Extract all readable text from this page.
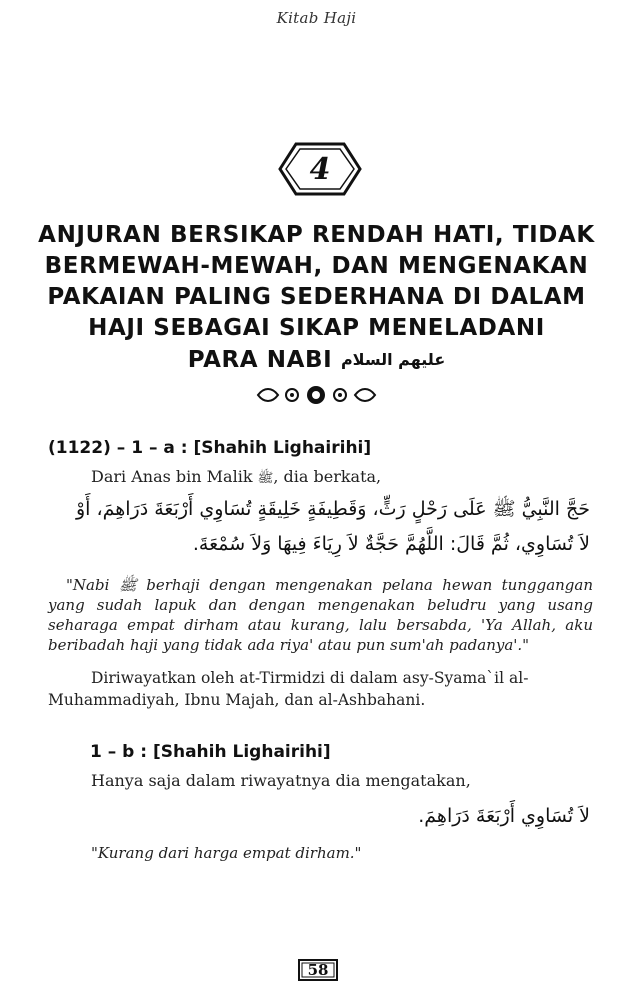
Kitab Haji
4
ANJURAN BERSIKAP RENDAH HATI, TIDAK
BERMEWAH-MEWAH, DAN MENGENAKAN
PAKAIAN PALING SEDERHANA DI DALAM
HAJI SEBAGAI SIKAP MENELADANI
PARA NABI عليهم السلام
(1122) – 1 – a : [Shahih Lighairihi]
Dari Anas bin Malik ﷺ, dia berkata,
حَجَّ النَّبِيُّ ﷺ عَلَى رَحْلٍ رَثٍّ، وَقَطِيفَةٍ خَلِيقَةٍ تُسَاوِي أَرْبَعَةَ دَرَاهِمَ، أَوْ
لاَ تُسَاوِي، ثُمَّ قَالَ: اللَّهُمَّ حَجَّةٌ لاَ رِيَاءَ فِيهَا وَلاَ سُمْعَةَ.
"Nabi ﷺ berhaji dengan mengenakan pelana hewan tunggangan yang sudah lapuk dan dengan mengenakan beludru yang usang seharaga empat dirham atau kurang, lalu bersabda, 'Ya Allah, aku beribadah haji yang tidak ada riya' atau pun sum'ah padanya'."
Diriwayatkan oleh at-Tirmidzi di dalam asy-Syama`il al-Muhammadiyah, Ibnu Majah, dan al-Ashbahani.
1 – b : [Shahih Lighairihi]
Hanya saja dalam riwayatnya dia mengatakan,
لاَ تُسَاوِي أَرْبَعَةَ دَرَاهِمَ.
"Kurang dari harga empat dirham."
58
